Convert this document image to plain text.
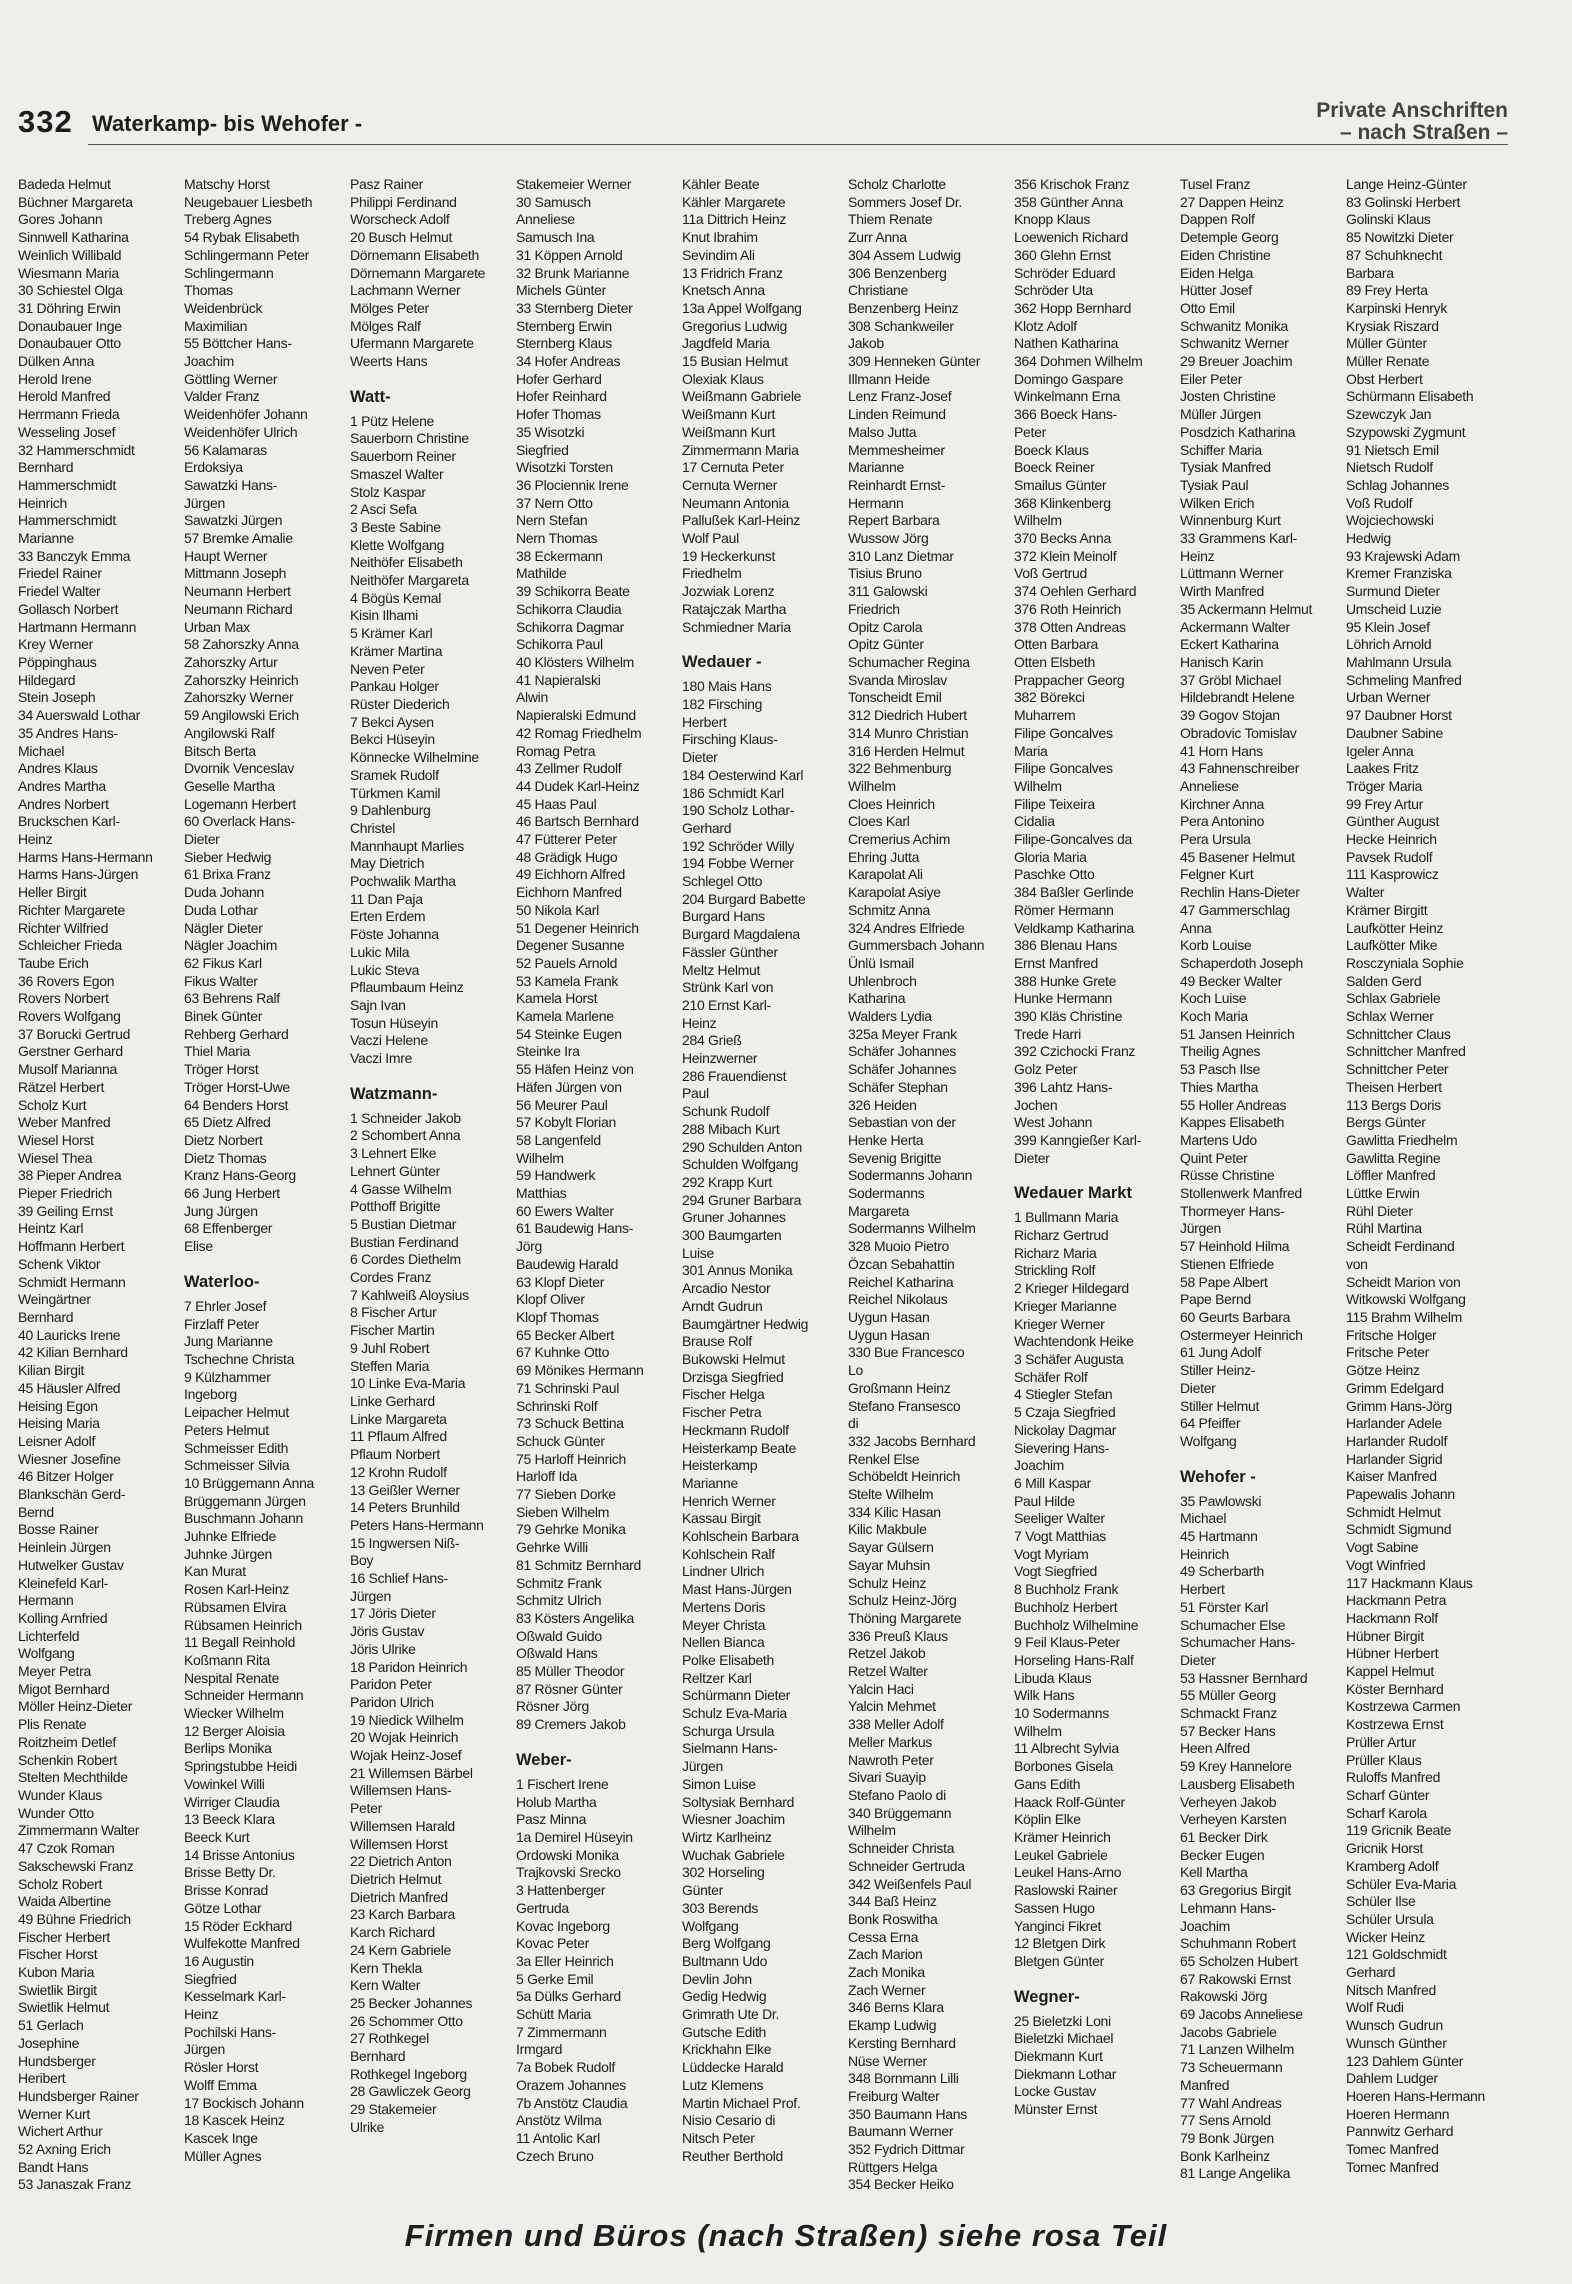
332 Waterkamp- bis Wehofer -
Private Anschriften
– nach Straßen –
Badeda Helmut
Büchner Margareta
Gores Johann
Sinnwell Katharina
Weinlich Willibald
Wiesmann Maria
30 Schiestel Olga
31 Döhring Erwin
Donaubauer Inge
Donaubauer Otto
Dülken Anna
Herold Irene
Herold Manfred
Herrmann Frieda
Wesseling Josef
32 Hammerschmidt
Bernhard
Hammerschmidt
Heinrich
Hammerschmidt
Marianne
33 Banczyk Emma
Friedel Rainer
Friedel Walter
Gollasch Norbert
Hartmann Hermann
Krey Werner
Pöppinghaus
Hildegard
Stein Joseph
34 Auerswald Lothar
35 Andres Hans-
Michael
Andres Klaus
Andres Martha
Andres Norbert
Bruckschen Karl-
Heinz
Harms Hans-Hermann
Harms Hans-Jürgen
Heller Birgit
Richter Margarete
Richter Wilfried
Schleicher Frieda
Taube Erich
36 Rovers Egon
Rovers Norbert
Rovers Wolfgang
37 Borucki Gertrud
Gerstner Gerhard
Musolf Marianna
Rätzel Herbert
Scholz Kurt
Weber Manfred
Wiesel Horst
Wiesel Thea
38 Pieper Andrea
Pieper Friedrich
39 Geiling Ernst
Heintz Karl
Hoffmann Herbert
Schenk Viktor
Schmidt Hermann
Weingärtner
Bernhard
40 Lauricks Irene
42 Kilian Bernhard
Kilian Birgit
45 Häusler Alfred
Heising Egon
Heising Maria
Leisner Adolf
Wiesner Josefine
46 Bitzer Holger
Blankschän Gerd-
Bernd
Bosse Rainer
Heinlein Jürgen
Hutwelker Gustav
Kleinefeld Karl-
Hermann
Kolling Arnfried
Lichterfeld
Wolfgang
Meyer Petra
Migot Bernhard
Möller Heinz-Dieter
Plis Renate
Roitzheim Detlef
Schenkin Robert
Stelten Mechthilde
Wunder Klaus
Wunder Otto
Zimmermann Walter
47 Czok Roman
Sakschewski Franz
Scholz Robert
Waida Albertine
49 Bühne Friedrich
Fischer Herbert
Fischer Horst
Kubon Maria
Swietlik Birgit
Swietlik Helmut
51 Gerlach
Josephine
Hundsberger
Heribert
Hundsberger Rainer
Werner Kurt
Wichert Arthur
52 Axning Erich
Bandt Hans
53 Janaszak Franz
Matschy Horst
Neugebauer Liesbeth
Treberg Agnes
54 Rybak Elisabeth
Schlingermann Peter
Schlingermann
Thomas
Weidenbrück
Maximilian
55 Böttcher Hans-
Joachim
Göttling Werner
Valder Franz
Weidenhöfer Johann
Weidenhöfer Ulrich
56 Kalamaras
Erdoksiya
Sawatzki Hans-
Jürgen
Sawatzki Jürgen
57 Bremke Amalie
Haupt Werner
Mittmann Joseph
Neumann Herbert
Neumann Richard
Urban Max
58 Zahorszky Anna
Zahorszky Artur
Zahorszky Heinrich
Zahorszky Werner
59 Angilowski Erich
Angilowski Ralf
Bitsch Berta
Dvornik Venceslav
Geselle Martha
Logemann Herbert
60 Overlack Hans-
Dieter
Sieber Hedwig
61 Brixa Franz
Duda Johann
Duda Lothar
Nägler Dieter
Nägler Joachim
62 Fikus Karl
Fikus Walter
63 Behrens Ralf
Binek Günter
Rehberg Gerhard
Thiel Maria
Tröger Horst
Tröger Horst-Uwe
64 Benders Horst
65 Dietz Alfred
Dietz Norbert
Dietz Thomas
Kranz Hans-Georg
66 Jung Herbert
Jung Jürgen
68 Effenberger
Elise
Waterloo-
7 Ehrler Josef
Firzlaff Peter
Jung Marianne
Tschechne Christa
9 Külzhammer
Ingeborg
Leipacher Helmut
Peters Helmut
Schmeisser Edith
Schmeisser Silvia
10 Brüggemann Anna
Brüggemann Jürgen
Buschmann Johann
Juhnke Elfriede
Juhnke Jürgen
Kan Murat
Rosen Karl-Heinz
Rübsamen Elvira
Rübsamen Heinrich
11 Begall Reinhold
Koßmann Rita
Nespital Renate
Schneider Hermann
Wiecker Wilhelm
12 Berger Aloisia
Berlips Monika
Springstubbe Heidi
Vowinkel Willi
Wirriger Claudia
13 Beeck Klara
Beeck Kurt
14 Brisse Antonius
Brisse Betty Dr.
Brisse Konrad
Götze Lothar
15 Röder Eckhard
Wulfekotte Manfred
16 Augustin
Siegfried
Kesselmark Karl-
Heinz
Pochilski Hans-
Jürgen
Rösler Horst
Wolff Emma
17 Bockisch Johann
18 Kascek Heinz
Kascek Inge
Müller Agnes
Pasz Rainer
Philippi Ferdinand
Worscheck Adolf
20 Busch Helmut
Dörnemann Elisabeth
Dörnemann Margarete
Lachmann Werner
Mölges Peter
Mölges Ralf
Ufermann Margarete
Weerts Hans
Watt-
1 Pütz Helene
Sauerborn Christine
Sauerborn Reiner
Smaszel Walter
Stolz Kaspar
2 Asci Sefa
3 Beste Sabine
Klette Wolfgang
Neithöfer Elisabeth
Neithöfer Margareta
4 Bögüs Kemal
Kisin Ilhami
5 Krämer Karl
Krämer Martina
Neven Peter
Pankau Holger
Rüster Diederich
7 Bekci Aysen
Bekci Hüseyin
Könnecke Wilhelmine
Sramek Rudolf
Türkmen Kamil
9 Dahlenburg
Christel
Mannhaupt Marlies
May Dietrich
Pochwalik Martha
11 Dan Paja
Erten Erdem
Föste Johanna
Lukic Mila
Lukic Steva
Pflaumbaum Heinz
Sajn Ivan
Tosun Hüseyin
Vaczi Helene
Vaczi Imre
Watzmann-
1 Schneider Jakob
2 Schombert Anna
3 Lehnert Elke
Lehnert Günter
4 Gasse Wilhelm
Potthoff Brigitte
5 Bustian Dietmar
Bustian Ferdinand
6 Cordes Diethelm
Cordes Franz
7 Kahlweiß Aloysius
8 Fischer Artur
Fischer Martin
9 Juhl Robert
Steffen Maria
10 Linke Eva-Maria
Linke Gerhard
Linke Margareta
11 Pflaum Alfred
Pflaum Norbert
12 Krohn Rudolf
13 Geißler Werner
14 Peters Brunhild
Peters Hans-Hermann
15 Ingwersen Niß-
Boy
16 Schlief Hans-
Jürgen
17 Jöris Dieter
Jöris Gustav
Jöris Ulrike
18 Paridon Heinrich
Paridon Peter
Paridon Ulrich
19 Niedick Wilhelm
20 Wojak Heinrich
Wojak Heinz-Josef
21 Willemsen Bärbel
Willemsen Hans-
Peter
Willemsen Harald
Willemsen Horst
22 Dietrich Anton
Dietrich Helmut
Dietrich Manfred
23 Karch Barbara
Karch Richard
24 Kern Gabriele
Kern Thekla
Kern Walter
25 Becker Johannes
26 Schommer Otto
27 Rothkegel
Bernhard
Rothkegel Ingeborg
28 Gawliczek Georg
29 Stakemeier
Ulrike
Stakemeier Werner
30 Samusch
Anneliese
Samusch Ina
31 Köppen Arnold
32 Brunk Marianne
Michels Günter
33 Sternberg Dieter
Sternberg Erwin
Sternberg Klaus
34 Hofer Andreas
Hofer Gerhard
Hofer Reinhard
Hofer Thomas
35 Wisotzki
Siegfried
Wisotzki Torsten
36 Plocienniк Irene
37 Nern Otto
Nern Stefan
Nern Thomas
38 Eckermann
Mathilde
39 Schikorra Beate
Schikorra Claudia
Schikorra Dagmar
Schikorra Paul
40 Klösters Wilhelm
41 Napieralski
Alwin
Napieralski Edmund
42 Romag Friedhelm
Romag Petra
43 Zellmer Rudolf
44 Dudek Karl-Heinz
45 Haas Paul
46 Bartsch Bernhard
47 Fütterer Peter
48 Grädigk Hugo
49 Eichhorn Alfred
Eichhorn Manfred
50 Nikola Karl
51 Degener Heinrich
Degener Susanne
52 Pauels Arnold
53 Kamela Frank
Kamela Horst
Kamela Marlene
54 Steinke Eugen
Steinke Ira
55 Häfen Heinz von
Häfen Jürgen von
56 Meurer Paul
57 Kobylt Florian
58 Langenfeld
Wilhelm
59 Handwerk
Matthias
60 Ewers Walter
61 Baudewig Hans-
Jörg
Baudewig Harald
63 Klopf Dieter
Klopf Oliver
Klopf Thomas
65 Becker Albert
67 Kuhnke Otto
69 Mönikes Hermann
71 Schrinski Paul
Schrinski Rolf
73 Schuck Bettina
Schuck Günter
75 Harloff Heinrich
Harloff Ida
77 Sieben Dorke
Sieben Wilhelm
79 Gehrke Monika
Gehrke Willi
81 Schmitz Bernhard
Schmitz Frank
Schmitz Ulrich
83 Kösters Angelika
Oßwald Guido
Oßwald Hans
85 Müller Theodor
87 Rösner Günter
Rösner Jörg
89 Cremers Jakob
Weber-
1 Fischert Irene
Holub Martha
Pasz Minna
1a Demirel Hüseyin
Ordowski Monika
Trajkovski Srecko
3 Hattenberger
Gertruda
Kovac Ingeborg
Kovac Peter
3a Eller Heinrich
5 Gerke Emil
5a Dülks Gerhard
Schütt Maria
7 Zimmermann
Irmgard
7a Bobek Rudolf
Orazem Johannes
7b Anstötz Claudia
Anstötz Wilma
11 Antolic Karl
Czech Bruno
Kähler Beate
Kähler Margarete
11a Dittrich Heinz
Knut Ibrahim
Sevindim Ali
13 Fridrich Franz
Knetsch Anna
13a Appel Wolfgang
Gregorius Ludwig
Jagdfeld Maria
15 Busian Helmut
Olexiak Klaus
Weißmann Gabriele
Weißmann Kurt
Weißmann Kurt
Zimmermann Maria
17 Cernuta Peter
Cernuta Werner
Neumann Antonia
Pallußek Karl-Heinz
Wolf Paul
19 Heckerkunst
Friedhelm
Jozwiak Lorenz
Ratajczak Martha
Schmiedner Maria
Wedauer -
180 Mais Hans
182 Firsching
Herbert
Firsching Klaus-
Dieter
184 Oesterwind Karl
186 Schmidt Karl
190 Scholz Lothar-
Gerhard
192 Schröder Willy
194 Fobbe Werner
Schlegel Otto
204 Burgard Babette
Burgard Hans
Burgard Magdalena
Fässler Günther
Meltz Helmut
Strünk Karl von
210 Ernst Karl-
Heinz
284 Grieß
Heinzwerner
286 Frauendienst
Paul
Schunk Rudolf
288 Mibach Kurt
290 Schulden Anton
Schulden Wolfgang
292 Krapp Kurt
294 Gruner Barbara
Gruner Johannes
300 Baumgarten
Luise
301 Annus Monika
Arcadio Nestor
Arndt Gudrun
Baumgärtner Hedwig
Brause Rolf
Bukowski Helmut
Drzisga Siegfried
Fischer Helga
Fischer Petra
Heckmann Rudolf
Heisterkamp Beate
Heisterkamp
Marianne
Henrich Werner
Kassau Birgit
Kohlschein Barbara
Kohlschein Ralf
Lindner Ulrich
Mast Hans-Jürgen
Mertens Doris
Meyer Christa
Nellen Bianca
Polke Elisabeth
Reltzer Karl
Schürmann Dieter
Schulz Eva-Maria
Schurga Ursula
Sielmann Hans-
Jürgen
Simon Luise
Soltysiak Bernhard
Wiesner Joachim
Wirtz Karlheinz
Wuchak Gabriele
302 Horseling
Günter
303 Berends
Wolfgang
Berg Wolfgang
Bultmann Udo
Devlin John
Gedig Hedwig
Grimrath Ute Dr.
Gutsche Edith
Krickhahn Elke
Lüddecke Harald
Lutz Klemens
Martin Michael Prof.
Nisio Cesario di
Nitsch Peter
Reuther Berthold
Scholz Charlotte
Sommers Josef Dr.
Thiem Renate
Zurr Anna
304 Assem Ludwig
306 Benzenberg
Christiane
Benzenberg Heinz
308 Schankweiler
Jakob
309 Henneken Günter
Illmann Heide
Lenz Franz-Josef
Linden Reimund
Malso Jutta
Memmesheimer
Marianne
Reinhardt Ernst-
Hermann
Repert Barbara
Wussow Jörg
310 Lanz Dietmar
Tisius Bruno
311 Galowski
Friedrich
Opitz Carola
Opitz Günter
Schumacher Regina
Svanda Miroslav
Tonscheidt Emil
312 Diedrich Hubert
314 Munro Christian
316 Herden Helmut
322 Behmenburg
Wilhelm
Cloes Heinrich
Cloes Karl
Cremerius Achim
Ehring Jutta
Karapolat Ali
Karapolat Asiye
Schmitz Anna
324 Andres Elfriede
Gummersbach Johann
Ünlü Ismail
Uhlenbroch
Katharina
Walders Lydia
325a Meyer Frank
Schäfer Johannes
Schäfer Johannes
Schäfer Stephan
326 Heiden
Sebastian von der
Henke Herta
Sevenig Brigitte
Sodermanns Johann
Sodermanns
Margareta
Sodermanns Wilhelm
328 Muoio Pietro
Özcan Sebahattin
Reichel Katharina
Reichel Nikolaus
Uygun Hasan
Uygun Hasan
330 Bue Francesco
Lo
Großmann Heinz
Stefano Fransesco
di
332 Jacobs Bernhard
Renkel Else
Schöbeldt Heinrich
Stelte Wilhelm
334 Kilic Hasan
Kilic Makbule
Sayar Gülsern
Sayar Muhsin
Schulz Heinz
Schulz Heinz-Jörg
Thöning Margarete
336 Preuß Klaus
Retzel Jakob
Retzel Walter
Yalcin Haci
Yalcin Mehmet
338 Meller Adolf
Meller Markus
Nawroth Peter
Sivari Suayip
Stefano Paolo di
340 Brüggemann
Wilhelm
Schneider Christa
Schneider Gertruda
342 Weißenfels Paul
344 Baß Heinz
Bonk Roswitha
Cessa Erna
Zach Marion
Zach Monika
Zach Werner
346 Berns Klara
Ekamp Ludwig
Kersting Bernhard
Nüse Werner
348 Bornmann Lilli
Freiburg Walter
350 Baumann Hans
Baumann Werner
352 Fydrich Dittmar
Rüttgers Helga
354 Becker Heiko
356 Krischok Franz
358 Günther Anna
Knopp Klaus
Loewenich Richard
360 Glehn Ernst
Schröder Eduard
Schröder Uta
362 Hopp Bernhard
Klotz Adolf
Nathen Katharina
364 Dohmen Wilhelm
Domingo Gaspare
Winkelmann Erna
366 Boeck Hans-
Peter
Boeck Klaus
Boeck Reiner
Smailus Günter
368 Klinkenberg
Wilhelm
370 Becks Anna
372 Klein Meinolf
Voß Gertrud
374 Oehlen Gerhard
376 Roth Heinrich
378 Otten Andreas
Otten Barbara
Otten Elsbeth
Prappacher Georg
382 Börekci
Muharrem
Filipe Goncalves
Maria
Filipe Goncalves
Wilhelm
Filipe Teixeira
Cidalia
Filipe-Goncalves da
Gloria Maria
Paschke Otto
384 Baßler Gerlinde
Römer Hermann
Veldkamp Katharina
386 Blenau Hans
Ernst Manfred
388 Hunke Grete
Hunke Hermann
390 Kläs Christine
Trede Harri
392 Czichocki Franz
Golz Peter
396 Lahtz Hans-
Jochen
West Johann
399 Kanngießer Karl-
Dieter
Wedauer Markt
1 Bullmann Maria
Richarz Gertrud
Richarz Maria
Strickling Rolf
2 Krieger Hildegard
Krieger Marianne
Krieger Werner
Wachtendonk Heike
3 Schäfer Augusta
Schäfer Rolf
4 Stiegler Stefan
5 Czaja Siegfried
Nickolay Dagmar
Sievering Hans-
Joachim
6 Mill Kaspar
Paul Hilde
Seeliger Walter
7 Vogt Matthias
Vogt Myriam
Vogt Siegfried
8 Buchholz Frank
Buchholz Herbert
Buchholz Wilhelmine
9 Feil Klaus-Peter
Horseling Hans-Ralf
Libuda Klaus
Wilk Hans
10 Sodermanns
Wilhelm
11 Albrecht Sylvia
Borbones Gisela
Gans Edith
Haack Rolf-Günter
Köplin Elke
Krämer Heinrich
Leukel Gabriele
Leukel Hans-Arno
Raslowski Rainer
Sassen Hugo
Yanginci Fikret
12 Bletgen Dirk
Bletgen Günter
Wegner-
25 Bieletzki Loni
Bieletzki Michael
Diekmann Kurt
Diekmann Lothar
Locke Gustav
Münster Ernst
Tusel Franz
27 Dappen Heinz
Dappen Rolf
Detemple Georg
Eiden Christine
Eiden Helga
Hütter Josef
Otto Emil
Schwanitz Monika
Schwanitz Werner
29 Breuer Joachim
Eiler Peter
Josten Christine
Müller Jürgen
Posdzich Katharina
Schiffer Maria
Tysiak Manfred
Tysiak Paul
Wilken Erich
Winnenburg Kurt
33 Grammens Karl-
Heinz
Lüttmann Werner
Wirth Manfred
35 Ackermann Helmut
Ackermann Walter
Eckert Katharina
Hanisch Karin
37 Gröbl Michael
Hildebrandt Helene
39 Gogov Stojan
Obradovic Tomislav
41 Horn Hans
43 Fahnenschreiber
Anneliese
Kirchner Anna
Pera Antonino
Pera Ursula
45 Basener Helmut
Felgner Kurt
Rechlin Hans-Dieter
47 Gammerschlag
Anna
Korb Louise
Schaperdoth Joseph
49 Becker Walter
Koch Luise
Koch Maria
51 Jansen Heinrich
Theilig Agnes
53 Pasch Ilse
Thies Martha
55 Holler Andreas
Kappes Elisabeth
Martens Udo
Quint Peter
Rüsse Christine
Stollenwerk Manfred
Thormeyer Hans-
Jürgen
57 Heinhold Hilma
Stienen Elfriede
58 Pape Albert
Pape Bernd
60 Geurts Barbara
Ostermeyer Heinrich
61 Jung Adolf
Stiller Heinz-
Dieter
Stiller Helmut
64 Pfeiffer
Wolfgang
Wehofer -
35 Pawlowski
Michael
45 Hartmann
Heinrich
49 Scherbarth
Herbert
51 Förster Karl
Schumacher Else
Schumacher Hans-
Dieter
53 Hassner Bernhard
55 Müller Georg
Schmackt Franz
57 Becker Hans
Heen Alfred
59 Krey Hannelore
Lausberg Elisabeth
Verheyen Jakob
Verheyen Karsten
61 Becker Dirk
Becker Eugen
Kell Martha
63 Gregorius Birgit
Lehmann Hans-
Joachim
Schuhmann Robert
65 Scholzen Hubert
67 Rakowski Ernst
Rakowski Jörg
69 Jacobs Anneliese
Jacobs Gabriele
71 Lanzen Wilhelm
73 Scheuermann
Manfred
77 Wahl Andreas
77 Sens Arnold
79 Bonk Jürgen
Bonk Karlheinz
81 Lange Angelika
Lange Heinz-Günter
83 Golinski Herbert
Golinski Klaus
85 Nowitzki Dieter
87 Schuhknecht
Barbara
89 Frey Herta
Karpinski Henryk
Krysiak Riszard
Müller Günter
Müller Renate
Obst Herbert
Schürmann Elisabeth
Szewczyk Jan
Szypowski Zygmunt
91 Nietsch Emil
Nietsch Rudolf
Schlag Johannes
Voß Rudolf
Wojciechowski
Hedwig
93 Krajewski Adam
Kremer Franziska
Surmund Dieter
Umscheid Luzie
95 Klein Josef
Löhrich Arnold
Mahlmann Ursula
Schmeling Manfred
Urban Werner
97 Daubner Horst
Daubner Sabine
Igeler Anna
Laakes Fritz
Tröger Maria
99 Frey Artur
Günther August
Hecke Heinrich
Pavsek Rudolf
111 Kasprowicz
Walter
Krämer Birgitt
Laufkötter Heinz
Laufkötter Mike
Rosczyniala Sophie
Salden Gerd
Schlax Gabriele
Schlax Werner
Schnittcher Claus
Schnittcher Manfred
Schnittcher Peter
Theisen Herbert
113 Bergs Doris
Bergs Günter
Gawlitta Friedhelm
Gawlitta Regine
Löffler Manfred
Lüttke Erwin
Rühl Dieter
Rühl Martina
Scheidt Ferdinand
von
Scheidt Marion von
Witkowski Wolfgang
115 Brahm Wilhelm
Fritsche Holger
Fritsche Peter
Götze Heinz
Grimm Edelgard
Grimm Hans-Jörg
Harlander Adele
Harlander Rudolf
Harlander Sigrid
Kaiser Manfred
Papewalis Johann
Schmidt Helmut
Schmidt Sigmund
Vogt Sabine
Vogt Winfried
117 Hackmann Klaus
Hackmann Petra
Hackmann Rolf
Hübner Birgit
Hübner Herbert
Kappel Helmut
Köster Bernhard
Kostrzewa Carmen
Kostrzewa Ernst
Prüller Artur
Prüller Klaus
Ruloffs Manfred
Scharf Günter
Scharf Karola
119 Gricnik Beate
Gricnik Horst
Kramberg Adolf
Schüler Eva-Maria
Schüler Ilse
Schüler Ursula
Wicker Heinz
121 Goldschmidt
Gerhard
Nitsch Manfred
Wolf Rudi
Wunsch Gudrun
Wunsch Günther
123 Dahlem Günter
Dahlem Ludger
Hoeren Hans-Hermann
Hoeren Hermann
Pannwitz Gerhard
Tomec Manfred
Tomec Manfred
Firmen und Büros (nach Straßen) siehe rosa Teil
